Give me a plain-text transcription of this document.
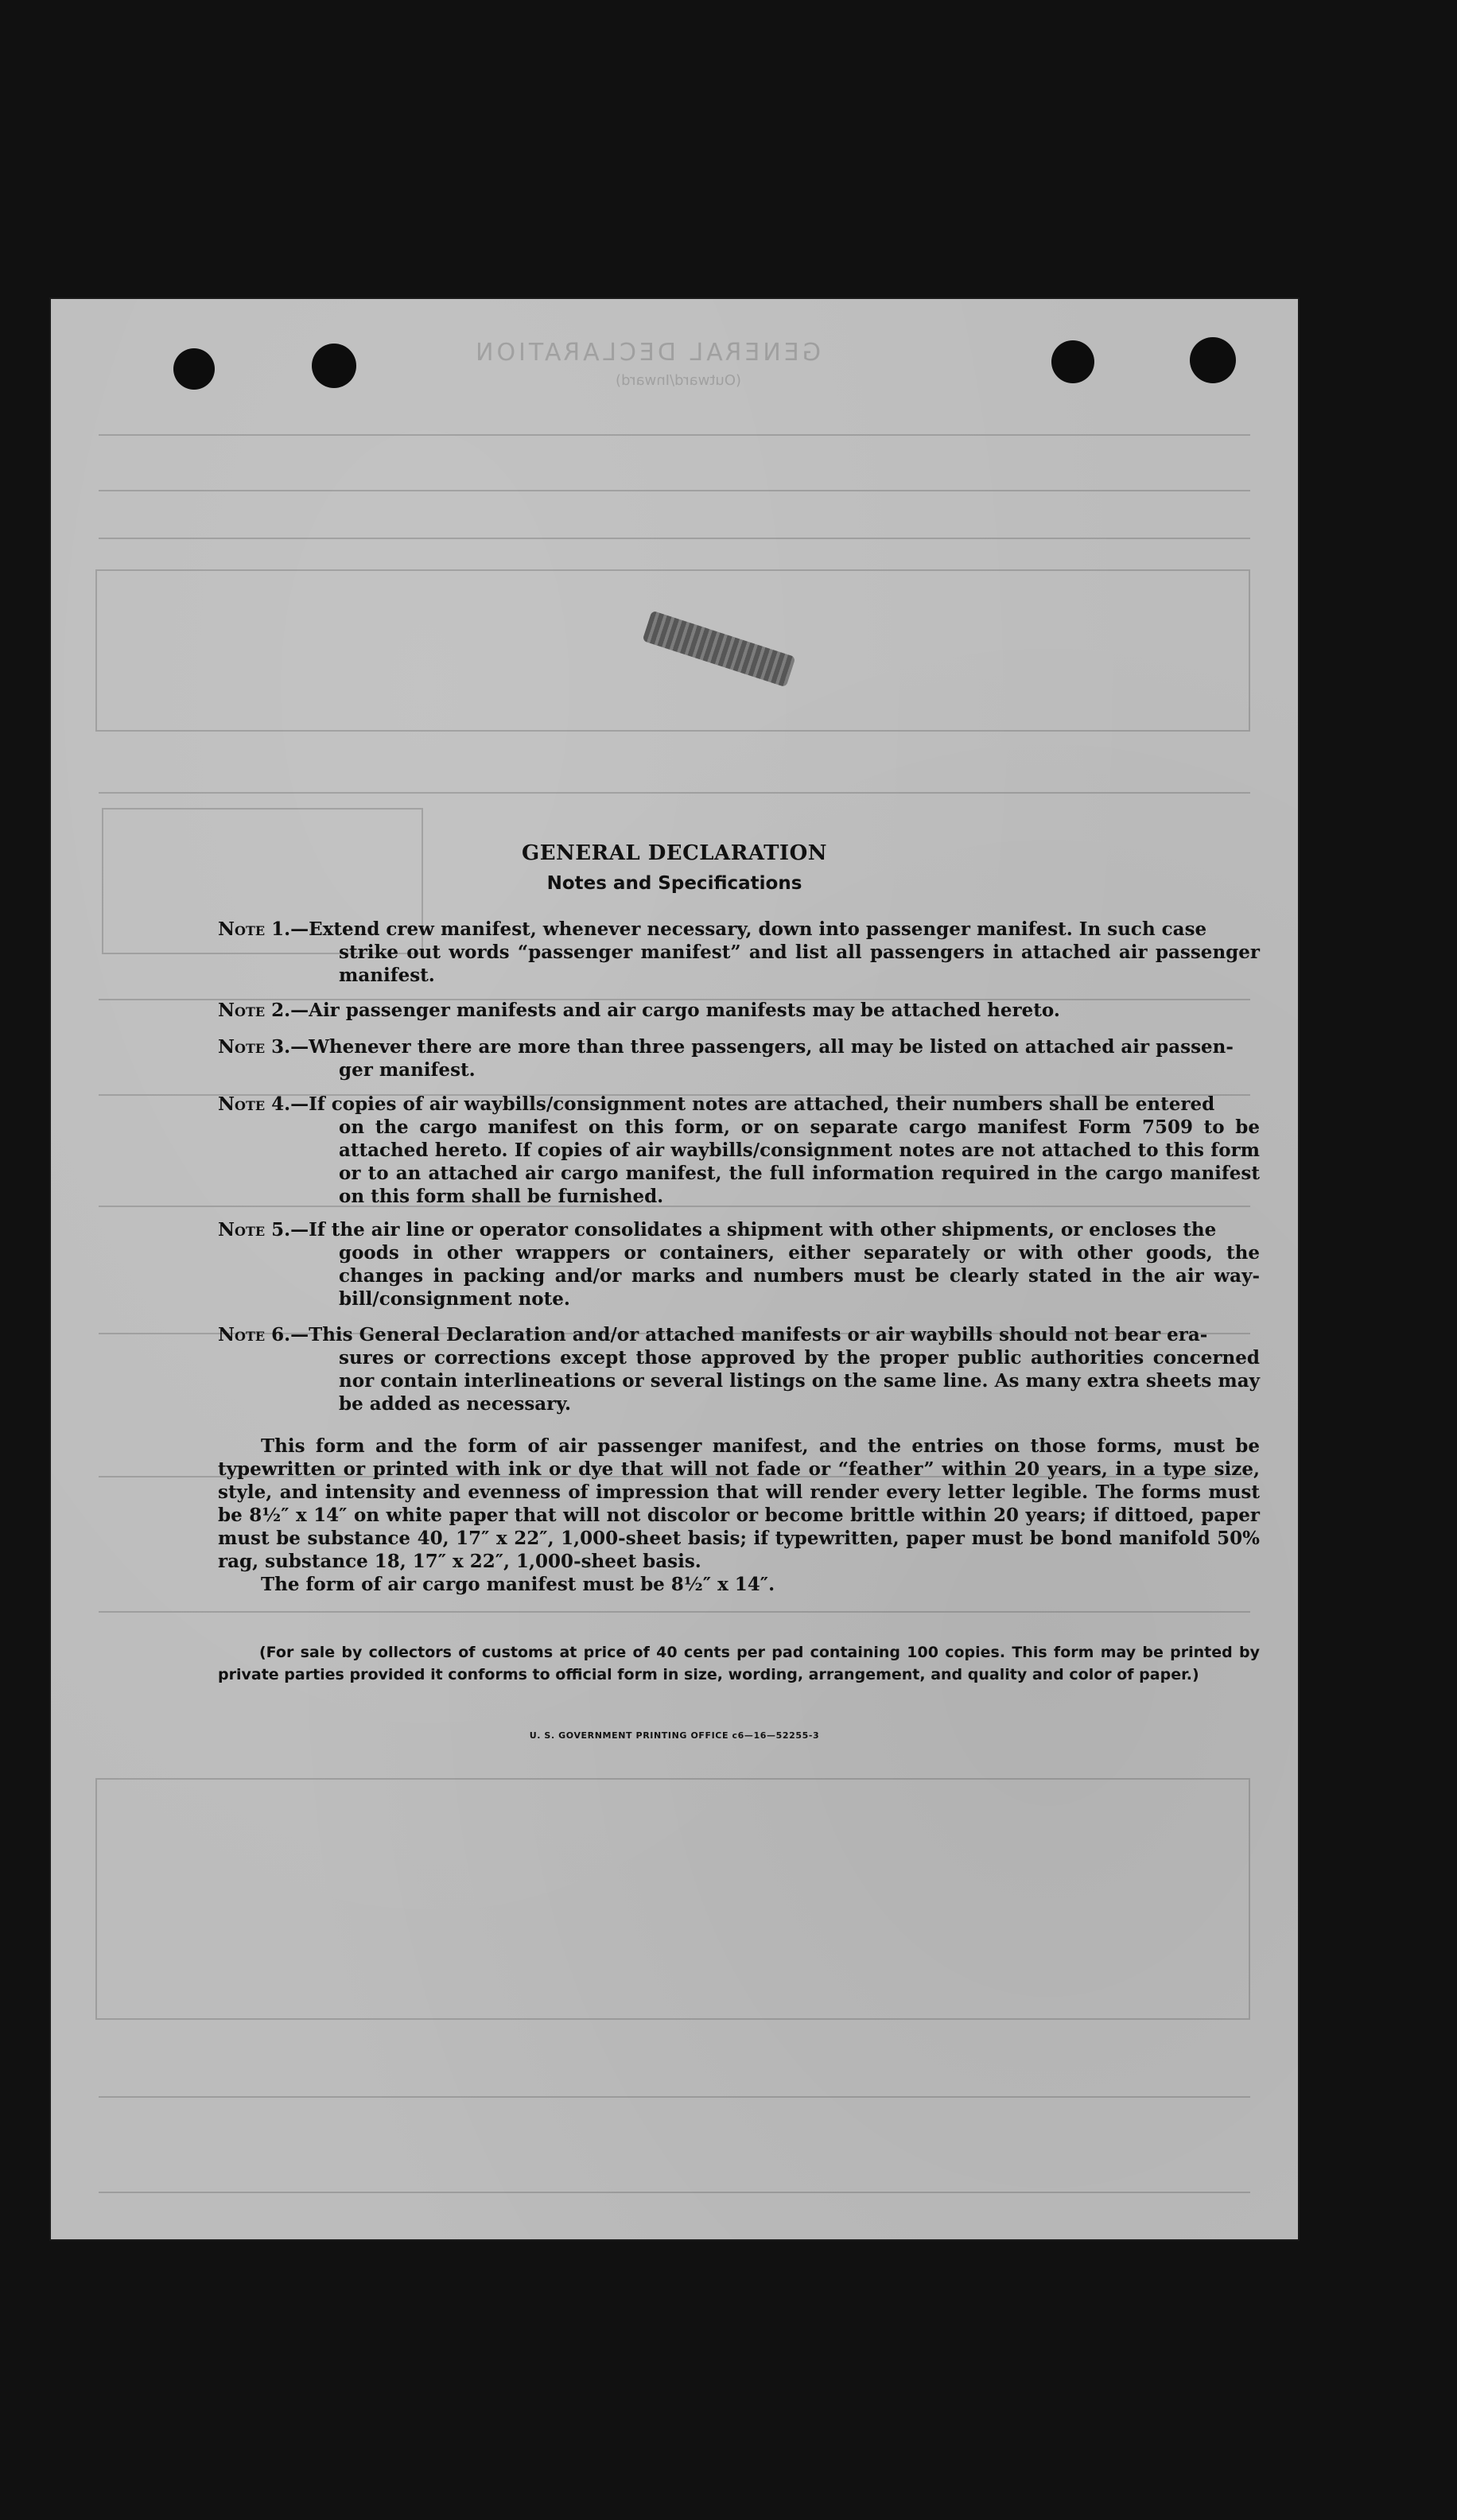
GENERAL DECLARATION
(Outward/Inward)
GENERAL DECLARATION
Notes and Specifications
Note 1.—Extend crew manifest, whenever necessary, down into passenger manifest. In such case
strike out words “passenger manifest” and list all passengers in attached air passenger manifest.
Note 2.—Air passenger manifests and air cargo manifests may be attached hereto.
Note 3.—Whenever there are more than three passengers, all may be listed on attached air passen-
ger manifest.
Note 4.—If copies of air waybills/consignment notes are attached, their numbers shall be entered
on the cargo manifest on this form, or on separate cargo manifest Form 7509 to be attached hereto. If copies of air waybills/consignment notes are not attached to this form or to an attached air cargo manifest, the full information required in the cargo manifest on this form shall be furnished.
Note 5.—If the air line or operator consolidates a shipment with other shipments, or encloses the
goods in other wrappers or containers, either separately or with other goods, the changes in packing and/or marks and numbers must be clearly stated in the air way-bill/consignment note.
Note 6.—This General Declaration and/or attached manifests or air waybills should not bear era-
sures or corrections except those approved by the proper public authorities concerned nor contain interlineations or several listings on the same line. As many extra sheets may be added as necessary.

This form and the form of air passenger manifest, and the entries on those forms, must be typewritten or printed with ink or dye that will not fade or “feather” within 20 years, in a type size, style, and intensity and evenness of impression that will render every letter legible. The forms must be 8½″ x 14″ on white paper that will not discolor or become brittle within 20 years; if dittoed, paper must be substance 40, 17″ x 22″, 1,000-sheet basis; if typewritten, paper must be bond manifold 50% rag, substance 18, 17″ x 22″, 1,000-sheet basis.

The form of air cargo manifest must be 8½″ x 14″.

(For sale by collectors of customs at price of 40 cents per pad containing 100 copies. This form may be printed by private parties provided it conforms to official form in size, wording, arrangement, and quality and color of paper.)

U. S. GOVERNMENT PRINTING OFFICE c6—16—52255-3
